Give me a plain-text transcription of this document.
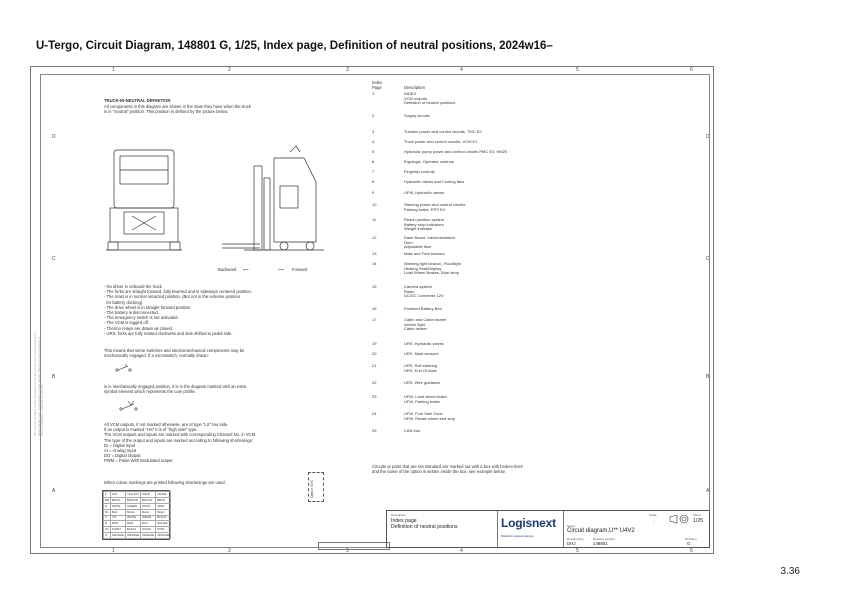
U-Tergo, Circuit Diagram, 148801 G, 1/25, Index page, Definition of neutral positions, 2024w16–
1	2	3	4	5	6
1	2	3	4	5	6
D
C
B
A
D
C
B
A
We reserve all rights in this document and in the information contained therein.
Reproduction, use or disclosure to third parties without express authority is
strictly forbidden. Logisnext Europe AB
TRUCK-IN-NEUTRAL DEFINITION
All components in this diagram are shown in the state they have when the truck
is in "neutral" position. This position is defined by the picture below.
Backward ⟵	⟶ Forward
- No driver in onboard the truck.
- The forks are straight forward, fully lowered and in sideways centered position.
- The mast is in normal retracted position. (But not in the extreme position
for battery docking).
- The drive wheel is in straight forward position.
- The battery is disconnected.
- The emergency switch is not activated.
- The VCM is logged off.
- Thermo relays are drawn as closed.
- URS, forks are fully rotated clockwise and side shifted to pedal side.
This means that some switches and electromechanical components may be
mechanically engaged. If a microswitch, normally drawn:
is in mechanically engaged position, it is in the diagram marked with an extra
symbol element which represents the cam profile.
All VCM outputs, if not marked otherwise, are of type "LS" low side.
If an output is marked "HS" it is of "high side" type.
The VCM outputs and inputs are marked with corresponding Channel No. in VCM
The type of the output and inputs are marked according to following shortenings:
DI = Digital Input
AI = Analog Input
DO = Digital Output
PWM = Pulse With Modulated output
When colour markings are printed following shortenings are used:
Z	GUL	YELLOW	GELB	JAUNE
BR	BRUN	BROWN	BRAUN	BRUN
G	GRÖN	GREEN	GRÜN	VERT
BL	BLÅ	BLUE	BLAU	BLEU
V	VIT	WHITE	WEISS	BLANC
R	RÖD	RED	ROT	ROUGE
SV	SVART	BLACK	SCHW.	NOIR
O	ORANGE	ORANGE	ORANGE	ORANGE
Index
Page	Description
1	INDEX
VCM outputs
Definition of neutral positions
2	Supply circuits
3	Traction power and control circuits, TMC E2
4	Truck power and control circuits, VCM E1
5	Hydraulic pump power and control circuits PMC E3, HM20
6	Ergologic, Operator controls
7	Fingertip controls
8	Hydraulic valves and Cooling fans
9	UFW, Hydraulic valves
10	Steering power and control circuits
Parking brake, EPS E4
11	Reach position system
Battery stop indicators
Weight indicator
12	Dash Board, Instrumentation
Horn
Adjustable floor
13	Mast and Fork sensors
14	Warning light beacon, Floodlight
Heating Seat/Display
Load Wheel Brakes, Blue lamp
15	Camera system
Radio
DC/DC Converter 12V
16	Powered Battery Bed
17	Cabin and Cabin heater
Interior light
Cabin heater
19	URS, Hydraulic valves
20	URS, Mast sensors
21	URS, Rail steering
URS, End Of Aisle
22	URS, Wire guidance
23	UFW, Load wheel brake
UFW, Parking brake
24	UFW, Fork Safe Zone
UFW, Rotate wheel end stop
25	CAN bus
Circuits or parts that are not standard are marked out with a box with broken lines
and the name of the option is written inside the box, see example below.
Option XXX
Description
Index page
Definition of neutral positions	Logisnext
Mitsubishi Logisnext Europe
Name
Circuit diagram,U** U4V2
Designed by
DHJ
Drawing number
148801
Scale
-
Sheet
1/25
Revision
G
3.36
